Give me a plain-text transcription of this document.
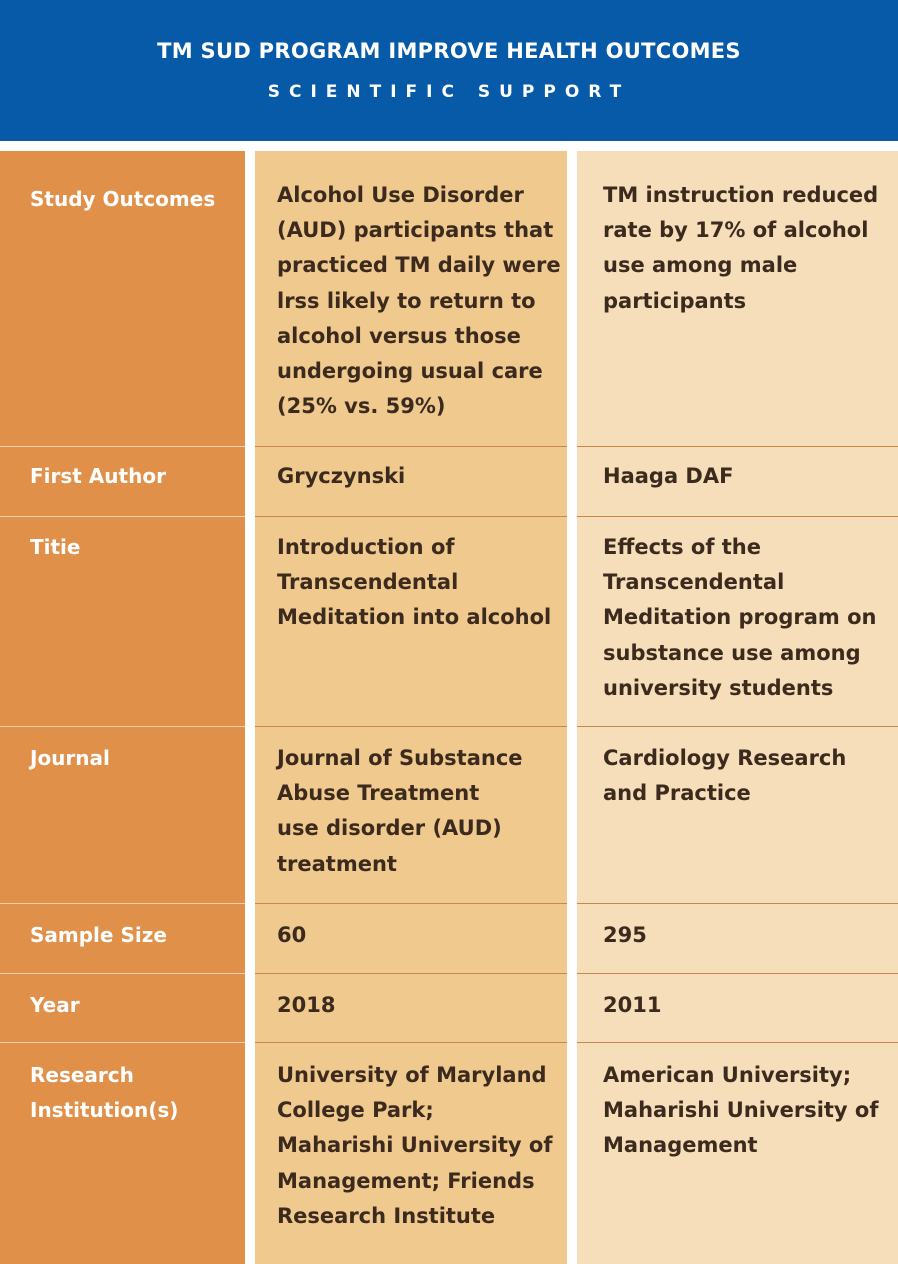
TM SUD PROGRAM IMPROVE HEALTH OUTCOMES
SCIENTIFIC SUPPORT
Study Outcomes
First Author
Titie
Journal
Sample Size
Year
Research
Institution(s)
Alcohol Use Disorder
(AUD) participants that
practiced TM daily were
lrss likely to return to
alcohol versus those
undergoing usual care
(25% vs. 59%)
Gryczynski
Introduction of
Transcendental
Meditation into alcohol
Journal of Substance
Abuse Treatment
use disorder (AUD)
treatment
60
2018
University of Maryland
College Park;
Maharishi University of
Management; Friends
Research Institute
TM instruction reduced
rate by 17% of alcohol
use among male
participants
Haaga DAF
Effects of the
Transcendental
Meditation program on
substance use among
university students
Cardiology Research
and Practice
295
2011
American University;
Maharishi University of
Management
